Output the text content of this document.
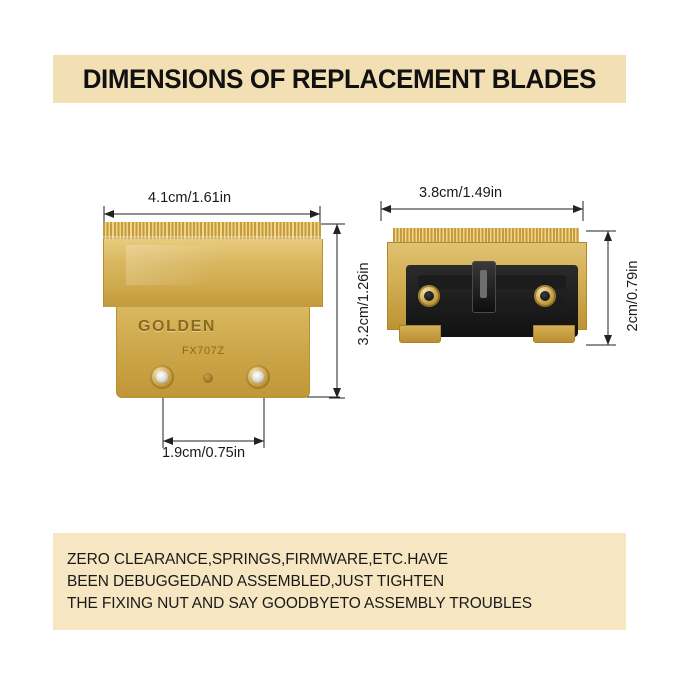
DIMENSIONS OF REPLACEMENT BLADES
4.1cm/1.61in
3.2cm/1.26in
1.9cm/0.75in
3.8cm/1.49in
2cm/0.79in
GOLDEN
FX707Z
ZERO CLEARANCE,SPRINGS,FIRMWARE,ETC.HAVE
BEEN DEBUGGEDAND ASSEMBLED,JUST TIGHTEN
THE FIXING NUT AND SAY GOODBYETO ASSEMBLY TROUBLES
